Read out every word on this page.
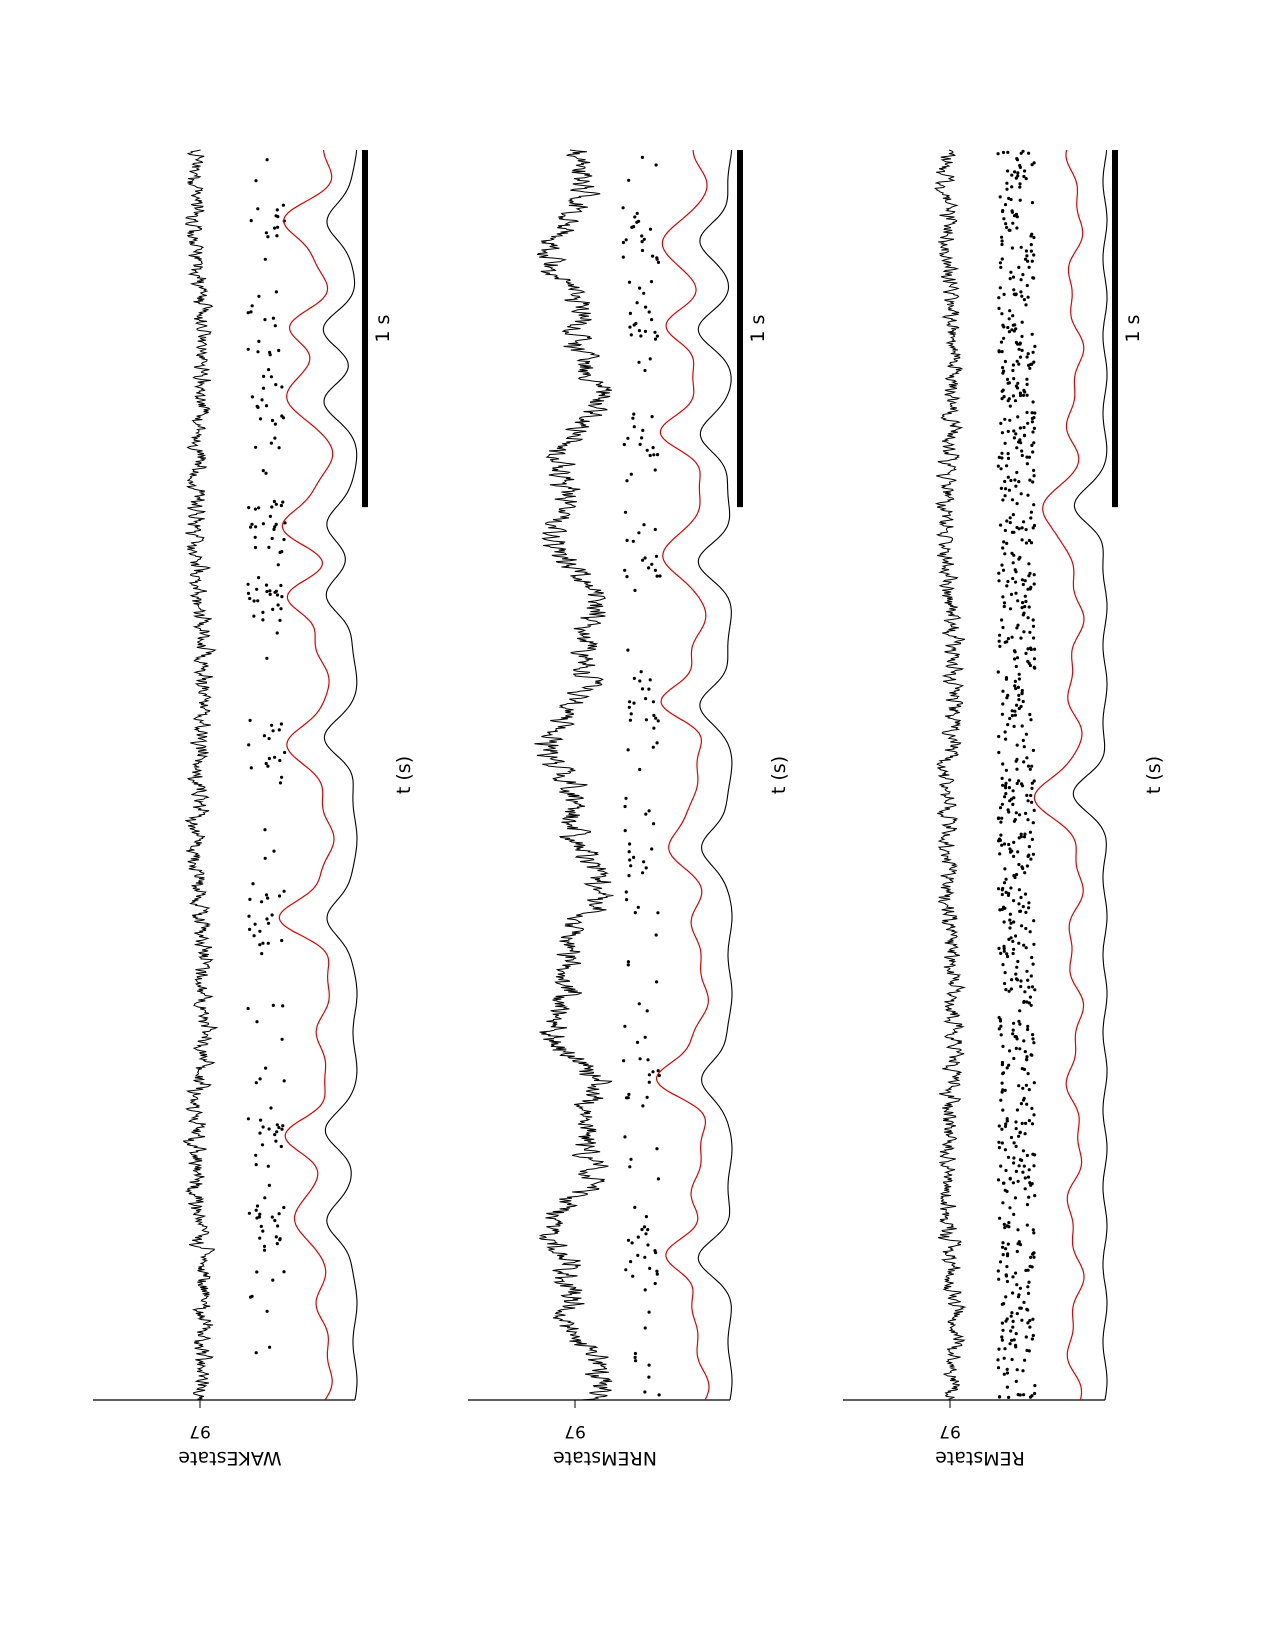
97
WAKEstate
t (s)
1 s
97
NREMstate
t (s)
1 s
97
REMstate
t (s)
1 s
